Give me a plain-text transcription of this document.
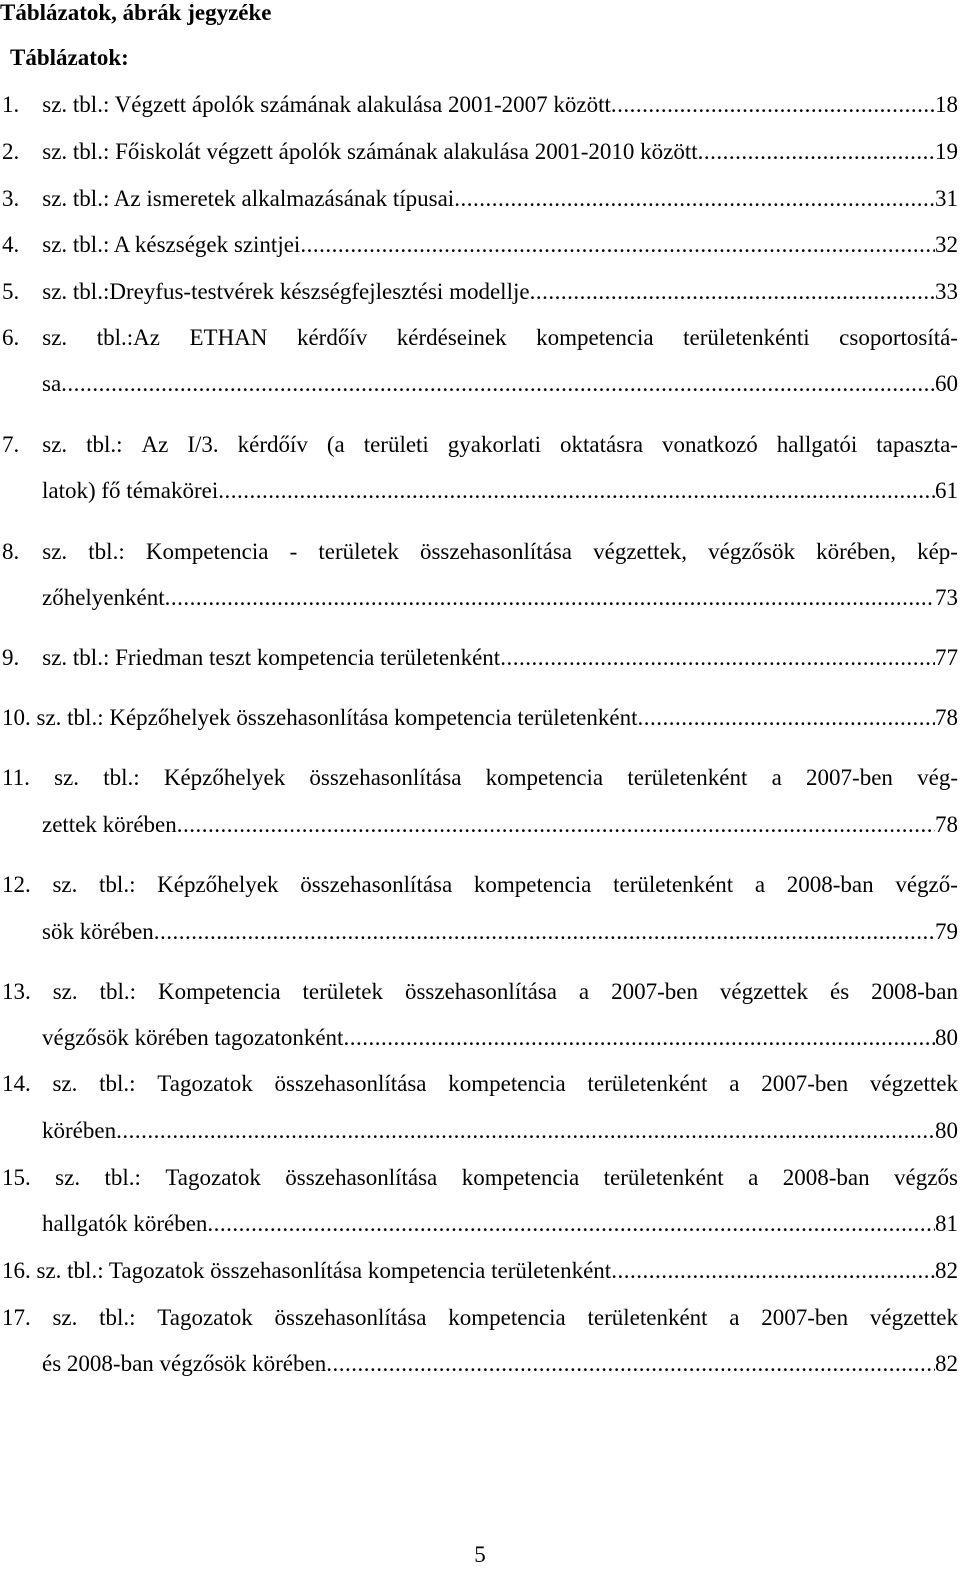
Táblázatok, ábrák jegyzéke
Táblázatok:
1. sz. tbl.: Végzett ápolók számának alakulása 2001-2007 között .....	18
2. sz. tbl.: Főiskolát végzett ápolók számának alakulása 2001-2010 között .....	19
3. sz. tbl.: Az ismeretek alkalmazásának típusai .....	31
4. sz. tbl.: A készségek szintjei .....	32
5. sz. tbl.:Dreyfus-testvérek készségfejlesztési modellje .....	33
6. sz. tbl.:Az ETHAN kérdőív kérdéseinek kompetencia területenkénti csoportosítá-
sa .....	60
7. sz. tbl.: Az I/3. kérdőív (a területi gyakorlati oktatásra vonatkozó hallgatói tapaszta-
latok) fő témakörei .....	61
8. sz. tbl.: Kompetencia - területek összehasonlítása végzettek, végzősök körében, kép-
zőhelyenként .....	73
9. sz. tbl.: Friedman teszt kompetencia területenként .....	77
10. sz. tbl.: Képzőhelyek összehasonlítása kompetencia területenként .....	78
11. sz. tbl.: Képzőhelyek összehasonlítása kompetencia területenként a 2007-ben vég-
zettek körében .....	78
12. sz. tbl.: Képzőhelyek összehasonlítása kompetencia területenként a 2008-ban végző-
sök körében .....	79
13. sz. tbl.: Kompetencia területek összehasonlítása a 2007-ben végzettek és 2008-ban
végzősök körében tagozatonként .....	80
14. sz. tbl.: Tagozatok összehasonlítása kompetencia területenként a 2007-ben végzettek
körében .....	80
15. sz. tbl.: Tagozatok összehasonlítása kompetencia területenként a 2008-ban végzős
hallgatók körében .....	81
16. sz. tbl.: Tagozatok összehasonlítása kompetencia területenként .....	82
17. sz. tbl.: Tagozatok összehasonlítása kompetencia területenként a 2007-ben végzettek
és 2008-ban végzősök körében .....	82
5
